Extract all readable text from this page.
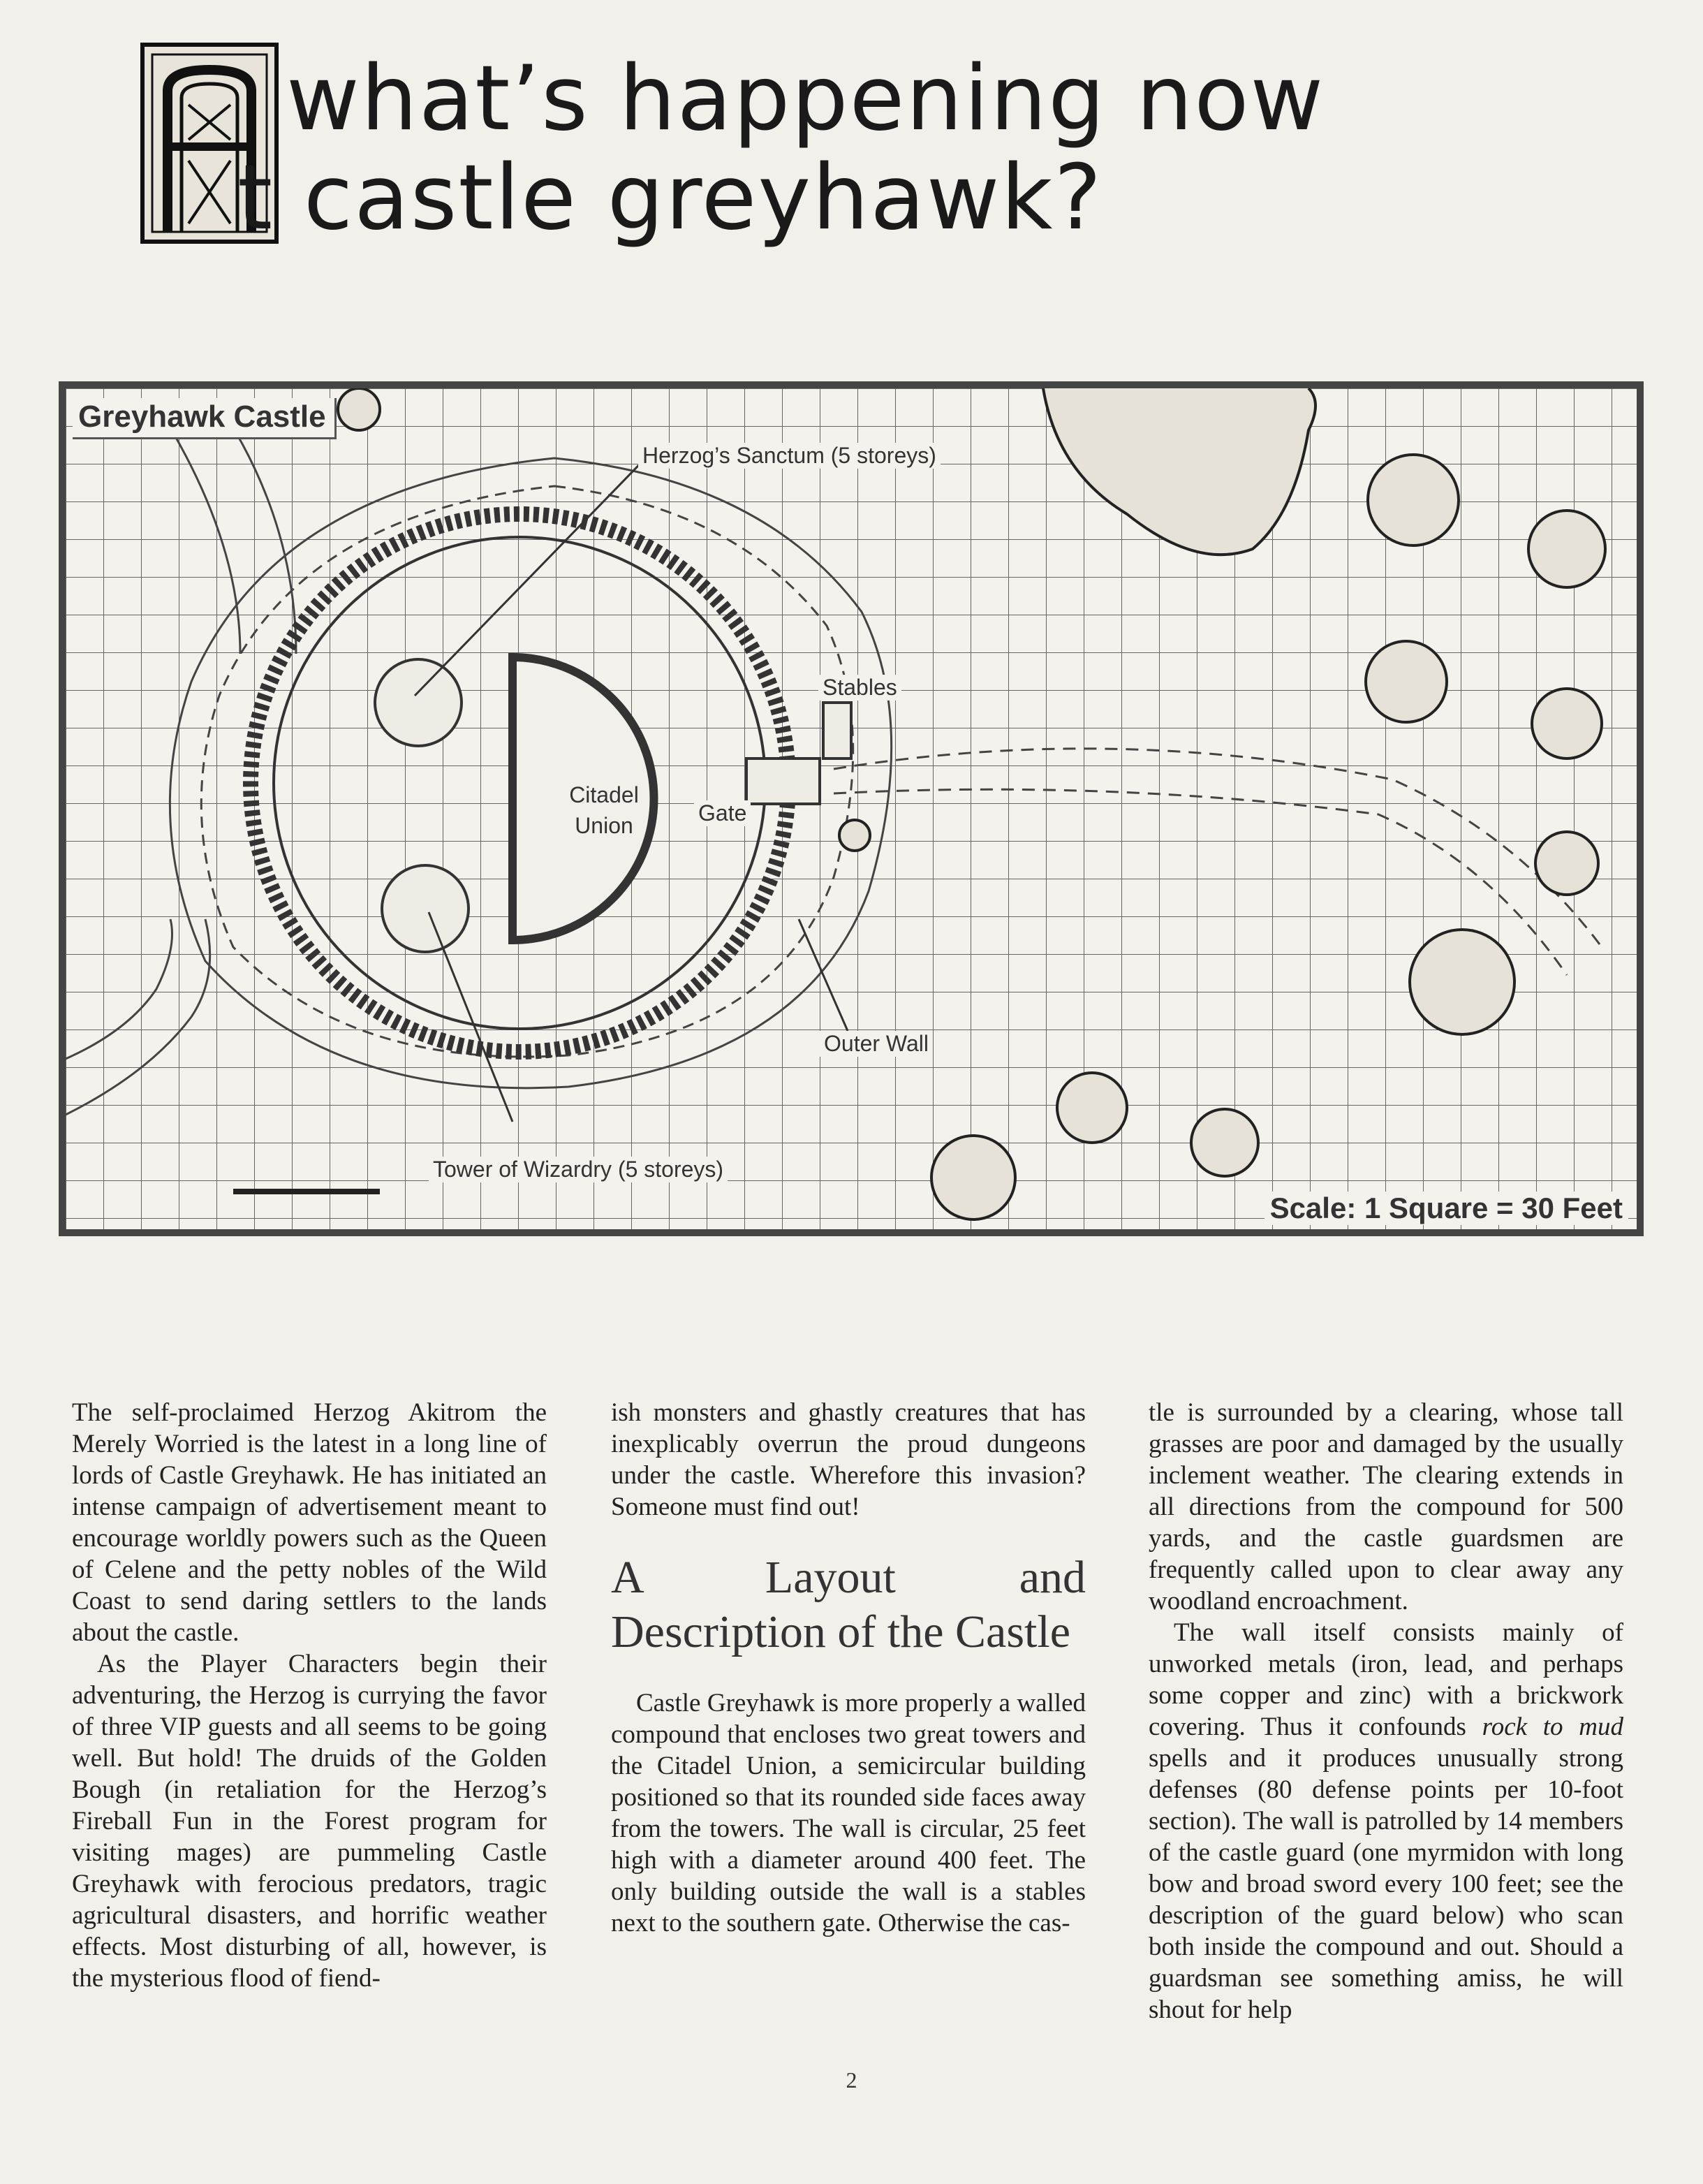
A what’s happening now
t castle greyhawk?
Greyhawk Castle
Herzog’s Sanctum (5 storeys)
Stables
Citadel Union	Gate
Outer Wall
Tower of Wizardry (5 storeys)
Scale: 1 Square = 30 Feet

The self-proclaimed Herzog Akitrom the Merely Worried is the latest in a long line of lords of Castle Greyhawk. He has initiated an intense campaign of advertisement meant to encourage worldly powers such as the Queen of Celene and the petty nobles of the Wild Coast to send daring settlers to the lands about the castle.

As the Player Characters begin their adventuring, the Herzog is currying the favor of three VIP guests and all seems to be going well. But hold! The druids of the Golden Bough (in retaliation for the Herzog’s Fireball Fun in the Forest program for visiting mages) are pummeling Castle Greyhawk with ferocious predators, tragic agricultural disasters, and horrific weather effects. Most disturbing of all, however, is the mysterious flood of fiend-

ish monsters and ghastly creatures that has inexplicably overrun the proud dungeons under the castle. Wherefore this invasion? Someone must find out!

A Layout and Description of the Castle

Castle Greyhawk is more properly a walled compound that encloses two great towers and the Citadel Union, a semicircular building positioned so that its rounded side faces away from the towers. The wall is circular, 25 feet high with a diameter around 400 feet. The only building outside the wall is a stables next to the southern gate. Otherwise the cas-

tle is surrounded by a clearing, whose tall grasses are poor and damaged by the usually inclement weather. The clearing extends in all directions from the compound for 500 yards, and the castle guardsmen are frequently called upon to clear away any woodland encroachment.

The wall itself consists mainly of unworked metals (iron, lead, and perhaps some copper and zinc) with a brickwork covering. Thus it confounds rock to mud spells and it produces unusually strong defenses (80 defense points per 10-foot section). The wall is patrolled by 14 members of the castle guard (one myrmidon with long bow and broad sword every 100 feet; see the description of the guard below) who scan both inside the compound and out. Should a guardsman see something amiss, he will shout for help

2
